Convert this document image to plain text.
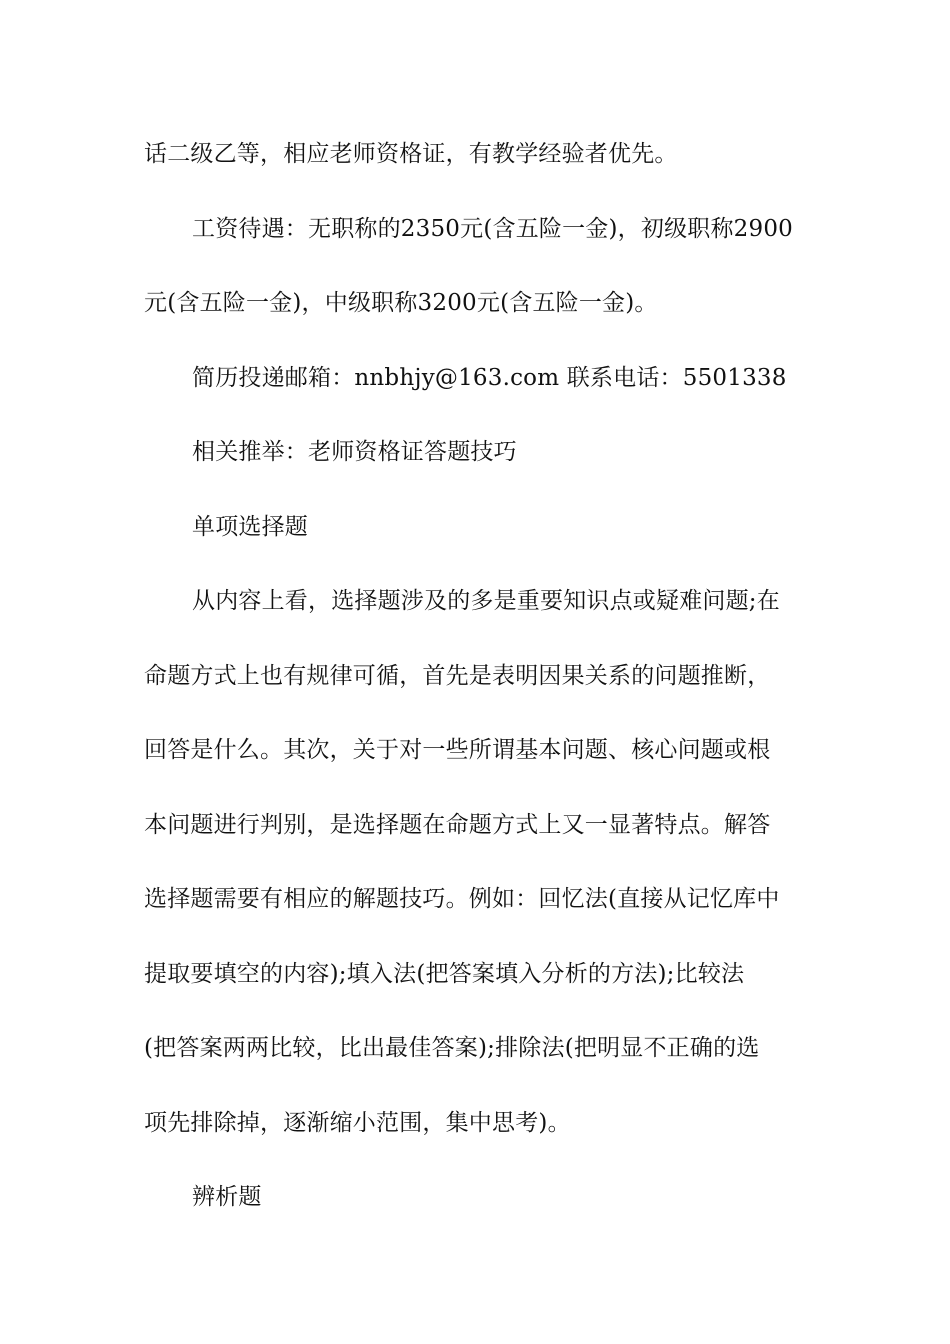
话二级乙等，相应老师资格证，有教学经验者优先。
工资待遇：无职称的2350元(含五险一金)，初级职称2900
元(含五险一金)，中级职称3200元(含五险一金)。
简历投递邮箱：nnbhjy@163.com 联系电话：5501338
相关推举：老师资格证答题技巧
单项选择题
从内容上看，选择题涉及的多是重要知识点或疑难问题;在
命题方式上也有规律可循，首先是表明因果关系的问题推断，
回答是什么。其次，关于对一些所谓基本问题、核心问题或根
本问题进行判别，是选择题在命题方式上又一显著特点。解答
选择题需要有相应的解题技巧。例如：回忆法(直接从记忆库中
提取要填空的内容);填入法(把答案填入分析的方法);比较法
(把答案两两比较，比出最佳答案);排除法(把明显不正确的选
项先排除掉，逐渐缩小范围，集中思考)。
辨析题
